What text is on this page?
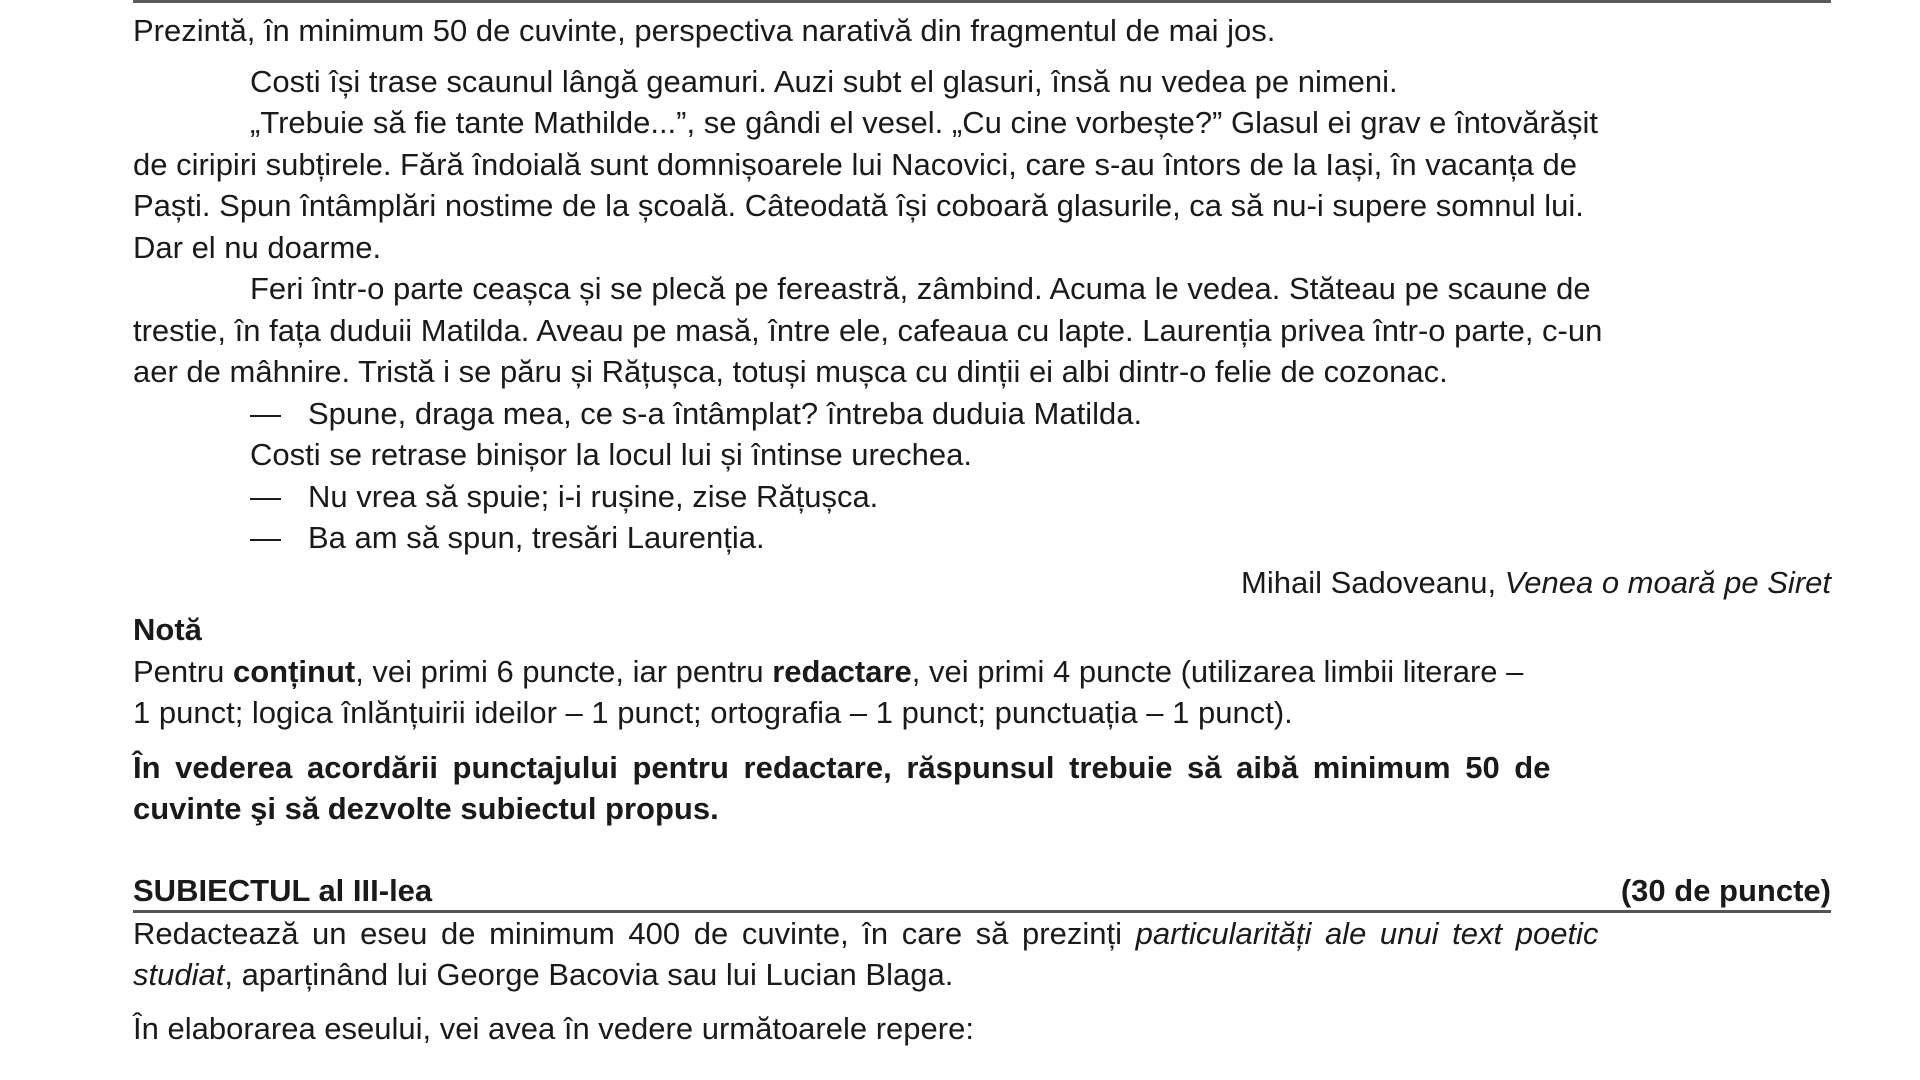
Prezintă, în minimum 50 de cuvinte, perspectiva narativă din fragmentul de mai jos.
Costi își trase scaunul lângă geamuri. Auzi subt el glasuri, însă nu vedea pe nimeni.
„Trebuie să fie tante Mathilde...”, se gândi el vesel. „Cu cine vorbește?” Glasul ei grav e întovărășit
de ciripiri subțirele. Fără îndoială sunt domnișoarele lui Nacovici, care s-au întors de la Iași, în vacanța de
Paști. Spun întâmplări nostime de la școală. Câteodată își coboară glasurile, ca să nu-i supere somnul lui.
Dar el nu doarme.
Feri într-o parte ceașca și se plecă pe fereastră, zâmbind. Acuma le vedea. Stăteau pe scaune de
trestie, în fața duduii Matilda. Aveau pe masă, între ele, cafeaua cu lapte. Laurenția privea într-o parte, c-un
aer de mâhnire. Tristă i se păru și Rățușca, totuși mușca cu dinții ei albi dintr-o felie de cozonac.
— Spune, draga mea, ce s-a întâmplat? întreba duduia Matilda.
Costi se retrase binișor la locul lui și întinse urechea.
— Nu vrea să spuie; i-i rușine, zise Rățușca.
— Ba am să spun, tresări Laurenția.
Mihail Sadoveanu, Venea o moară pe Siret
Notă
Pentru conținut, vei primi 6 puncte, iar pentru redactare, vei primi 4 puncte (utilizarea limbii literare –
1 punct; logica înlănțuirii ideilor – 1 punct; ortografia – 1 punct; punctuația – 1 punct).
În vederea acordării punctajului pentru redactare, răspunsul trebuie să aibă minimum 50 de
cuvinte şi să dezvolte subiectul propus.
SUBIECTUL al III-lea	(30 de puncte)
Redactează un eseu de minimum 400 de cuvinte, în care să prezinți particularități ale unui text poetic
studiat, aparținând lui George Bacovia sau lui Lucian Blaga.
În elaborarea eseului, vei avea în vedere următoarele repere:
